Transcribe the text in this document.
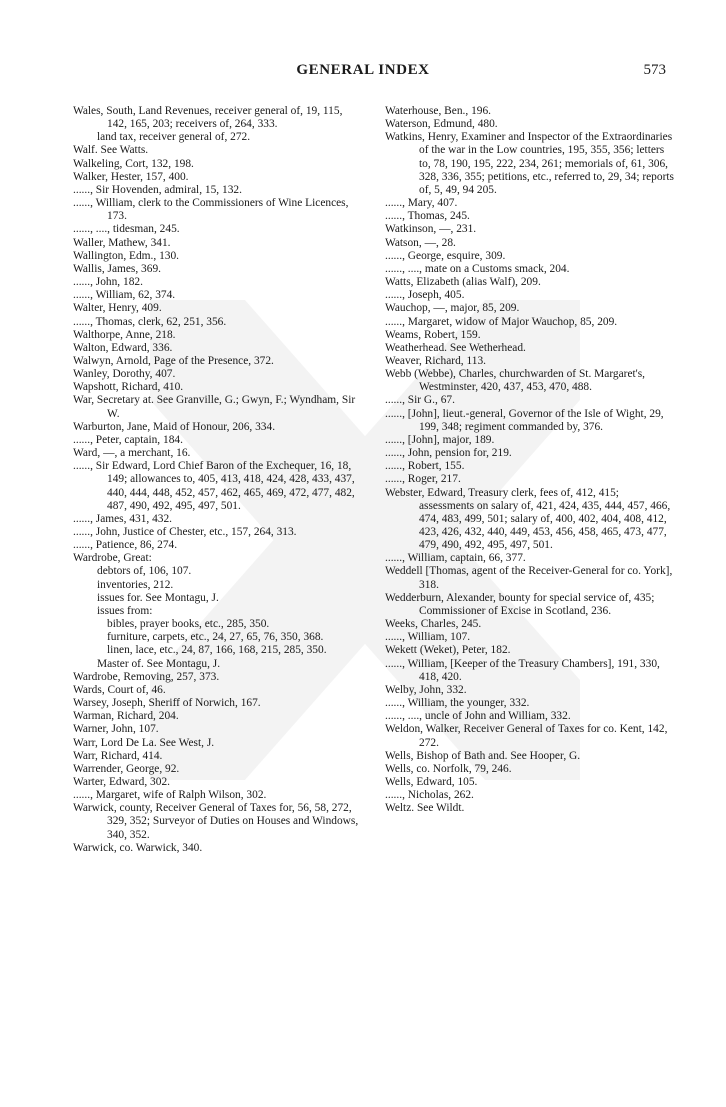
GENERAL INDEX	573

Wales, South, Land Revenues, receiver general of, 19, 115, 142, 165, 203; receivers of, 264, 333.

land tax, receiver general of, 272.

Walf. See Watts.

Walkeling, Cort, 132, 198.

Walker, Hester, 157, 400.

......, Sir Hovenden, admiral, 15, 132.

......, William, clerk to the Commissioners of Wine Licences, 173.

......, ...., tidesman, 245.

Waller, Mathew, 341.

Wallington, Edm., 130.

Wallis, James, 369.

......, John, 182.

......, William, 62, 374.

Walter, Henry, 409.

......, Thomas, clerk, 62, 251, 356.

Walthorpe, Anne, 218.

Walton, Edward, 336.

Walwyn, Arnold, Page of the Presence, 372.

Wanley, Dorothy, 407.

Wapshott, Richard, 410.

War, Secretary at. See Granville, G.; Gwyn, F.; Wyndham, Sir W.

Warburton, Jane, Maid of Honour, 206, 334.

......, Peter, captain, 184.

Ward, —, a merchant, 16.

......, Sir Edward, Lord Chief Baron of the Exchequer, 16, 18, 149; allowances to, 405, 413, 418, 424, 428, 433, 437, 440, 444, 448, 452, 457, 462, 465, 469, 472, 477, 482, 487, 490, 492, 495, 497, 501.

......, James, 431, 432.

......, John, Justice of Chester, etc., 157, 264, 313.

......, Patience, 86, 274.

Wardrobe, Great:

debtors of, 106, 107.

inventories, 212.

issues for. See Montagu, J.

issues from:

bibles, prayer books, etc., 285, 350.

furniture, carpets, etc., 24, 27, 65, 76, 350, 368.

linen, lace, etc., 24, 87, 166, 168, 215, 285, 350.

Master of. See Montagu, J.

Wardrobe, Removing, 257, 373.

Wards, Court of, 46.

Warsey, Joseph, Sheriff of Norwich, 167.

Warman, Richard, 204.

Warner, John, 107.

Warr, Lord De La. See West, J.

Warr, Richard, 414.

Warrender, George, 92.

Warter, Edward, 302.

......, Margaret, wife of Ralph Wilson, 302.

Warwick, county, Receiver General of Taxes for, 56, 58, 272, 329, 352; Surveyor of Duties on Houses and Windows, 340, 352.

Warwick, co. Warwick, 340.

Waterhouse, Ben., 196.

Waterson, Edmund, 480.

Watkins, Henry, Examiner and Inspector of the Extraordinaries of the war in the Low countries, 195, 355, 356; letters to, 78, 190, 195, 222, 234, 261; memorials of, 61, 306, 328, 336, 355; petitions, etc., referred to, 29, 34; reports of, 5, 49, 94 205.

......, Mary, 407.

......, Thomas, 245.

Watkinson, —, 231.

Watson, —, 28.

......, George, esquire, 309.

......, ...., mate on a Customs smack, 204.

Watts, Elizabeth (alias Walf), 209.

......, Joseph, 405.

Wauchop, —, major, 85, 209.

......, Margaret, widow of Major Wauchop, 85, 209.

Weams, Robert, 159.

Weatherhead. See Wetherhead.

Weaver, Richard, 113.

Webb (Webbe), Charles, churchwarden of St. Margaret's, Westminster, 420, 437, 453, 470, 488.

......, Sir G., 67.

......, [John], lieut.-general, Governor of the Isle of Wight, 29, 199, 348; regiment commanded by, 376.

......, [John], major, 189.

......, John, pension for, 219.

......, Robert, 155.

......, Roger, 217.

Webster, Edward, Treasury clerk, fees of, 412, 415; assessments on salary of, 421, 424, 435, 444, 457, 466, 474, 483, 499, 501; salary of, 400, 402, 404, 408, 412, 423, 426, 432, 440, 449, 453, 456, 458, 465, 473, 477, 479, 490, 492, 495, 497, 501.

......, William, captain, 66, 377.

Weddell [Thomas, agent of the Receiver-General for co. York], 318.

Wedderburn, Alexander, bounty for special service of, 435; Commissioner of Excise in Scotland, 236.

Weeks, Charles, 245.

......, William, 107.

Wekett (Weket), Peter, 182.

......, William, [Keeper of the Treasury Chambers], 191, 330, 418, 420.

Welby, John, 332.

......, William, the younger, 332.

......, ...., uncle of John and William, 332.

Weldon, Walker, Receiver General of Taxes for co. Kent, 142, 272.

Wells, Bishop of Bath and. See Hooper, G.

Wells, co. Norfolk, 79, 246.

Wells, Edward, 105.

......, Nicholas, 262.

Weltz. See Wildt.
